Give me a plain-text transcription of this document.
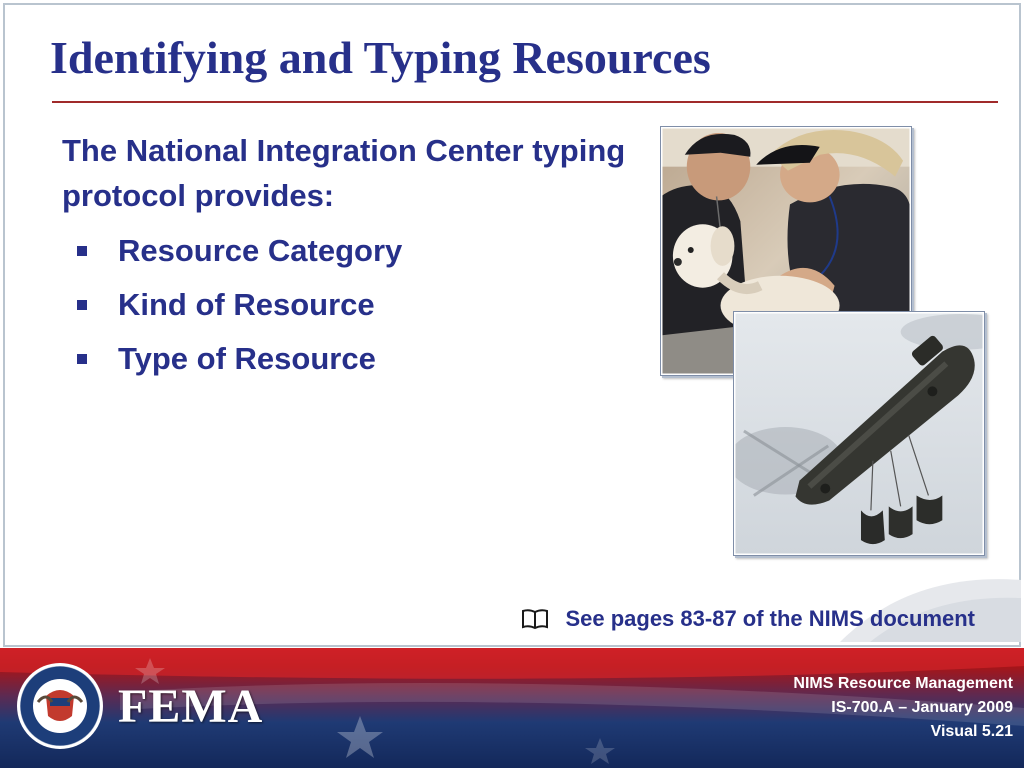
Identifying and Typing Resources

The National Integration Center typing protocol provides:

Resource Category
Kind of Resource
Type of Resource
See pages 83-87 of the NIMS document
FEMA	NIMS Resource Management
IS-700.A – January 2009
Visual 5.21
